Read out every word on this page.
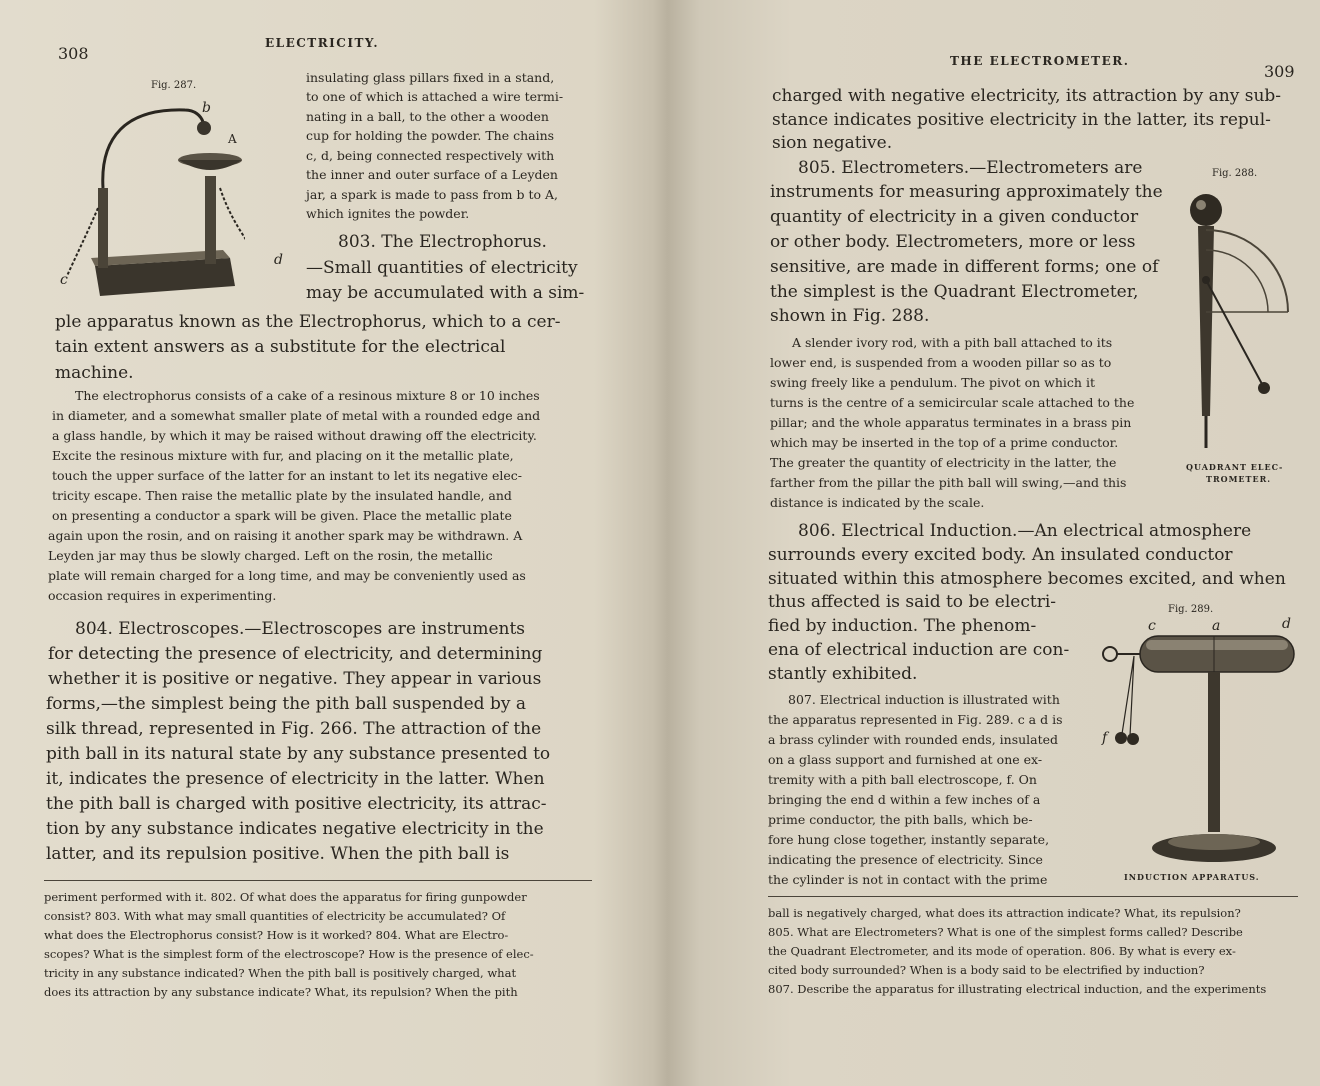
308
ELECTRICITY.
Fig. 287.
b
A
c
d
insulating glass pillars fixed in a stand,
to one of which is attached a wire termi-
nating in a ball, to the other a wooden
cup for holding the powder. The chains
c, d, being connected respectively with
the inner and outer surface of a Leyden
jar, a spark is made to pass from b to A,
which ignites the powder.
803. The Electrophorus.
—Small quantities of electricity
may be accumulated with a sim-
ple apparatus known as the Electrophorus, which to a cer-
tain extent answers as a substitute for the electrical
machine.
The electrophorus consists of a cake of a resinous mixture 8 or 10 inches
in diameter, and a somewhat smaller plate of metal with a rounded edge and
a glass handle, by which it may be raised without drawing off the electricity.
Excite the resinous mixture with fur, and placing on it the metallic plate,
touch the upper surface of the latter for an instant to let its negative elec-
tricity escape. Then raise the metallic plate by the insulated handle, and
on presenting a conductor a spark will be given. Place the metallic plate
again upon the rosin, and on raising it another spark may be withdrawn. A
Leyden jar may thus be slowly charged. Left on the rosin, the metallic
plate will remain charged for a long time, and may be conveniently used as
occasion requires in experimenting.
804. Electroscopes.—Electroscopes are instruments
for detecting the presence of electricity, and determining
whether it is positive or negative. They appear in various
forms,—the simplest being the pith ball suspended by a
silk thread, represented in Fig. 266. The attraction of the
pith ball in its natural state by any substance presented to
it, indicates the presence of electricity in the latter. When
the pith ball is charged with positive electricity, its attrac-
tion by any substance indicates negative electricity in the
latter, and its repulsion positive. When the pith ball is
periment performed with it. 802. Of what does the apparatus for firing gunpowder
consist? 803. With what may small quantities of electricity be accumulated? Of
what does the Electrophorus consist? How is it worked? 804. What are Electro-
scopes? What is the simplest form of the electroscope? How is the presence of elec-
tricity in any substance indicated? When the pith ball is positively charged, what
does its attraction by any substance indicate? What, its repulsion? When the pith
THE ELECTROMETER.
309
Fig. 288.
QUADRANT ELEC-
TROMETER.
Fig. 289.
c	a	d
f
INDUCTION APPARATUS.
charged with negative electricity, its attraction by any sub-
stance indicates positive electricity in the latter, its repul-
sion negative.
805. Electrometers.—Electrometers are
instruments for measuring approximately the
quantity of electricity in a given conductor
or other body. Electrometers, more or less
sensitive, are made in different forms; one of
the simplest is the Quadrant Electrometer,
shown in Fig. 288.
A slender ivory rod, with a pith ball attached to its
lower end, is suspended from a wooden pillar so as to
swing freely like a pendulum. The pivot on which it
turns is the centre of a semicircular scale attached to the
pillar; and the whole apparatus terminates in a brass pin
which may be inserted in the top of a prime conductor.
The greater the quantity of electricity in the latter, the
farther from the pillar the pith ball will swing,—and this
distance is indicated by the scale.
806. Electrical Induction.—An electrical atmosphere
surrounds every excited body. An insulated conductor
situated within this atmosphere becomes excited, and when
thus affected is said to be electri-
fied by induction. The phenom-
ena of electrical induction are con-
stantly exhibited.
807. Electrical induction is illustrated with
the apparatus represented in Fig. 289. c a d is
a brass cylinder with rounded ends, insulated
on a glass support and furnished at one ex-
tremity with a pith ball electroscope, f. On
bringing the end d within a few inches of a
prime conductor, the pith balls, which be-
fore hung close together, instantly separate,
indicating the presence of electricity. Since
the cylinder is not in contact with the prime
ball is negatively charged, what does its attraction indicate? What, its repulsion?
805. What are Electrometers? What is one of the simplest forms called? Describe
the Quadrant Electrometer, and its mode of operation. 806. By what is every ex-
cited body surrounded? When is a body said to be electrified by induction?
807. Describe the apparatus for illustrating electrical induction, and the experiments
